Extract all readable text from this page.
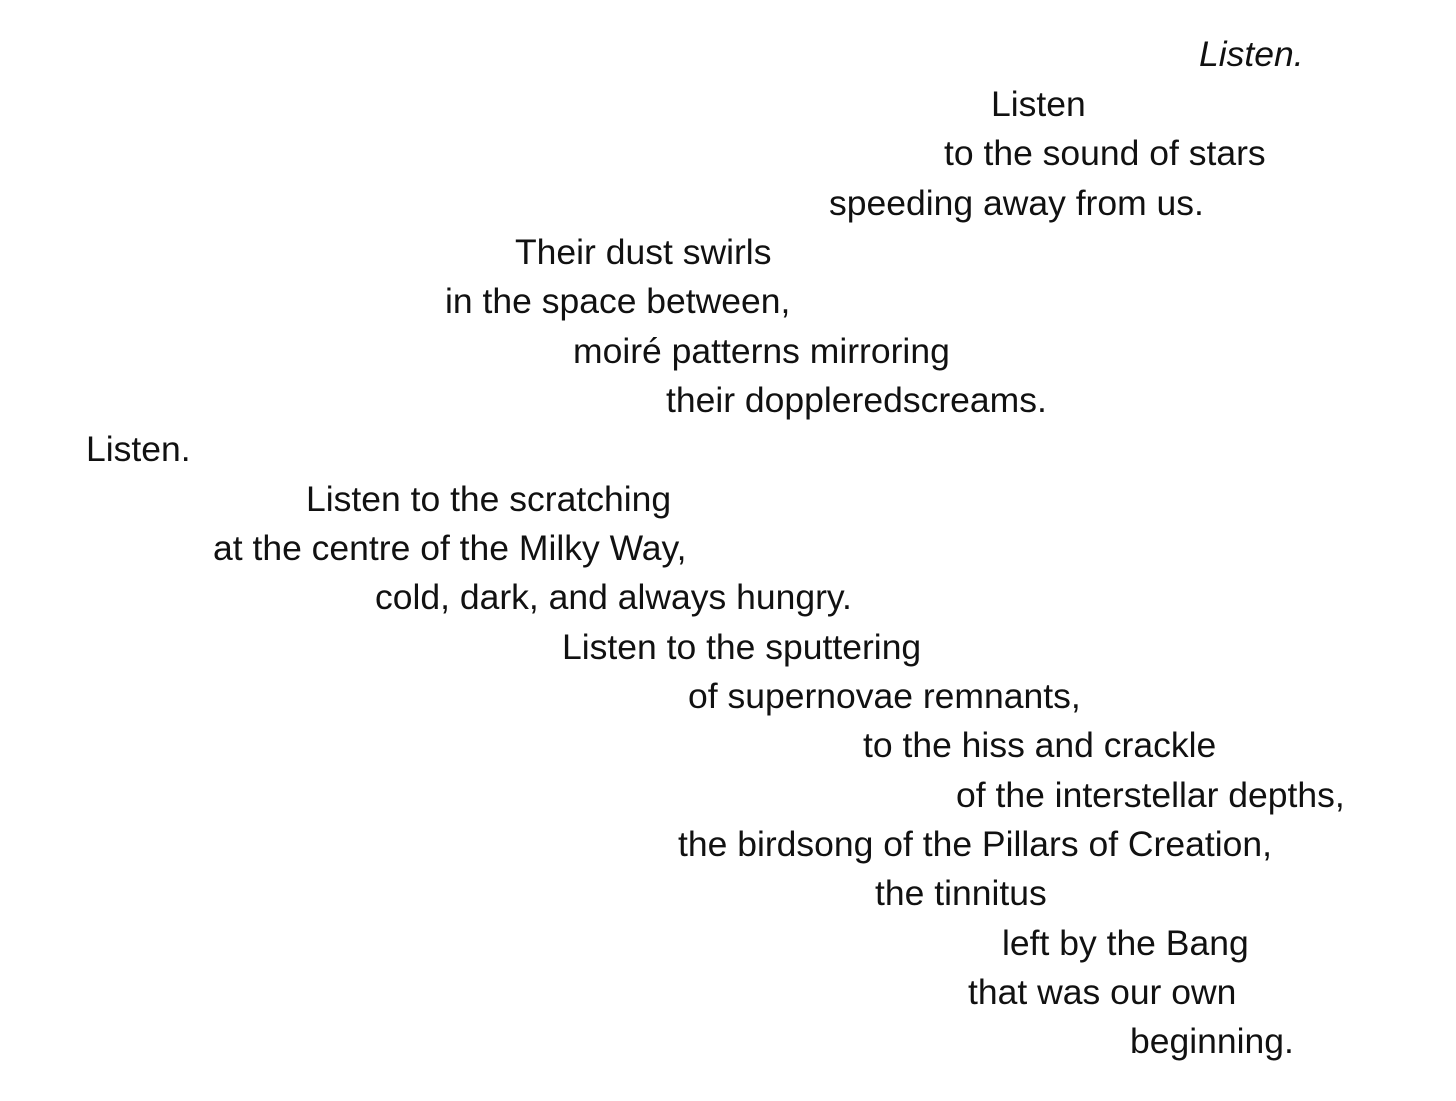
Listen.

Listen

to the sound of stars

speeding away from us.

Their dust swirls

in the space between,

moiré patterns mirroring

their doppleredscreams.

Listen.

Listen to the scratching

at the centre of the Milky Way,

cold, dark, and always hungry.

Listen to the sputtering

of supernovae remnants,

to the hiss and crackle

of the interstellar depths,

the birdsong of the Pillars of Creation,

the tinnitus

left by the Bang

that was our own

beginning.
